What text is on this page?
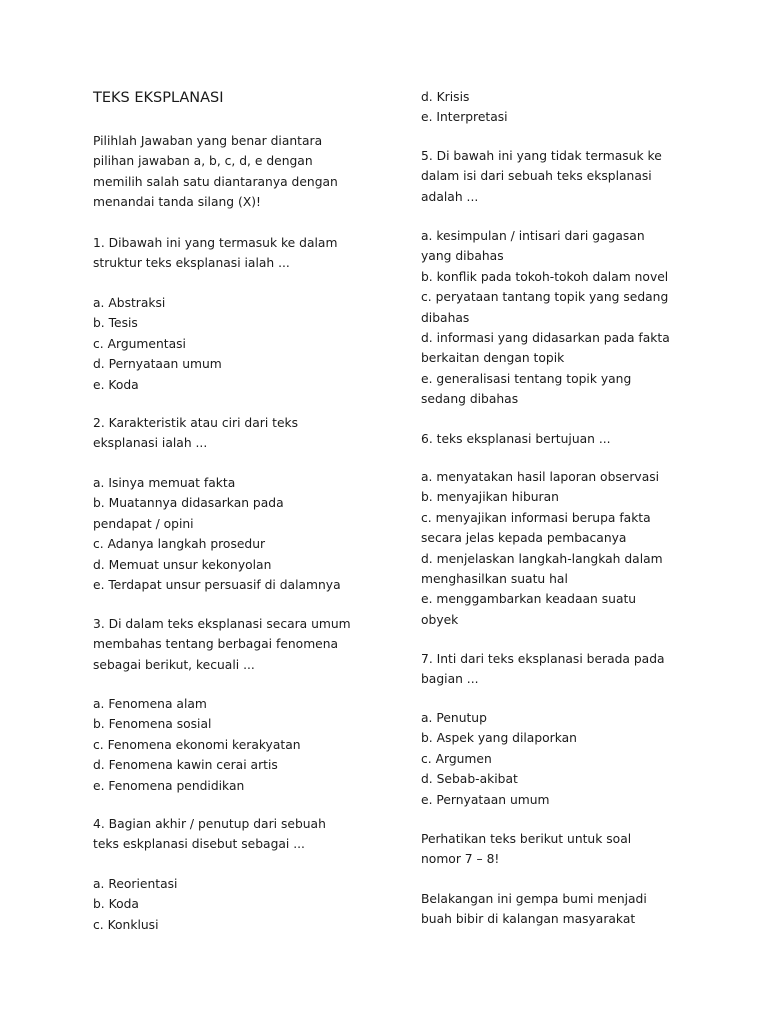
TEKS EKSPLANASI
Pilihlah Jawaban yang benar diantara
pilihan jawaban a, b, c, d, e dengan
memilih salah satu diantaranya dengan
menandai tanda silang (X)!
1. Dibawah ini yang termasuk ke dalam
struktur teks eksplanasi ialah ...
a. Abstraksi
b. Tesis
c. Argumentasi
d. Pernyataan umum
e. Koda
2. Karakteristik atau ciri dari teks
eksplanasi ialah ...
a. Isinya memuat fakta
b. Muatannya didasarkan pada
pendapat / opini
c. Adanya langkah prosedur
d. Memuat unsur kekonyolan
e. Terdapat unsur persuasif di dalamnya
3. Di dalam teks eksplanasi secara umum
membahas tentang berbagai fenomena
sebagai berikut, kecuali ...
a. Fenomena alam
b. Fenomena sosial
c. Fenomena ekonomi kerakyatan
d. Fenomena kawin cerai artis
e. Fenomena pendidikan
4. Bagian akhir / penutup dari sebuah
teks eskplanasi disebut sebagai ...
a. Reorientasi
b. Koda
c. Konklusi
d. Krisis
e. Interpretasi
5. Di bawah ini yang tidak termasuk ke
dalam isi dari sebuah teks eksplanasi
adalah ...
a. kesimpulan / intisari dari gagasan
yang dibahas
b. konflik pada tokoh-tokoh dalam novel
c. peryataan tantang topik yang sedang
dibahas
d. informasi yang didasarkan pada fakta
berkaitan dengan topik
e. generalisasi tentang topik yang
sedang dibahas
6. teks eksplanasi bertujuan ...
a. menyatakan hasil laporan observasi
b. menyajikan hiburan
c. menyajikan informasi berupa fakta
secara jelas kepada pembacanya
d. menjelaskan langkah-langkah dalam
menghasilkan suatu hal
e. menggambarkan keadaan suatu
obyek
7. Inti dari teks eksplanasi berada pada
bagian ...
a. Penutup
b. Aspek yang dilaporkan
c. Argumen
d. Sebab-akibat
e. Pernyataan umum
Perhatikan teks berikut untuk soal
nomor 7 – 8!
Belakangan ini gempa bumi menjadi
buah bibir di kalangan masyarakat
